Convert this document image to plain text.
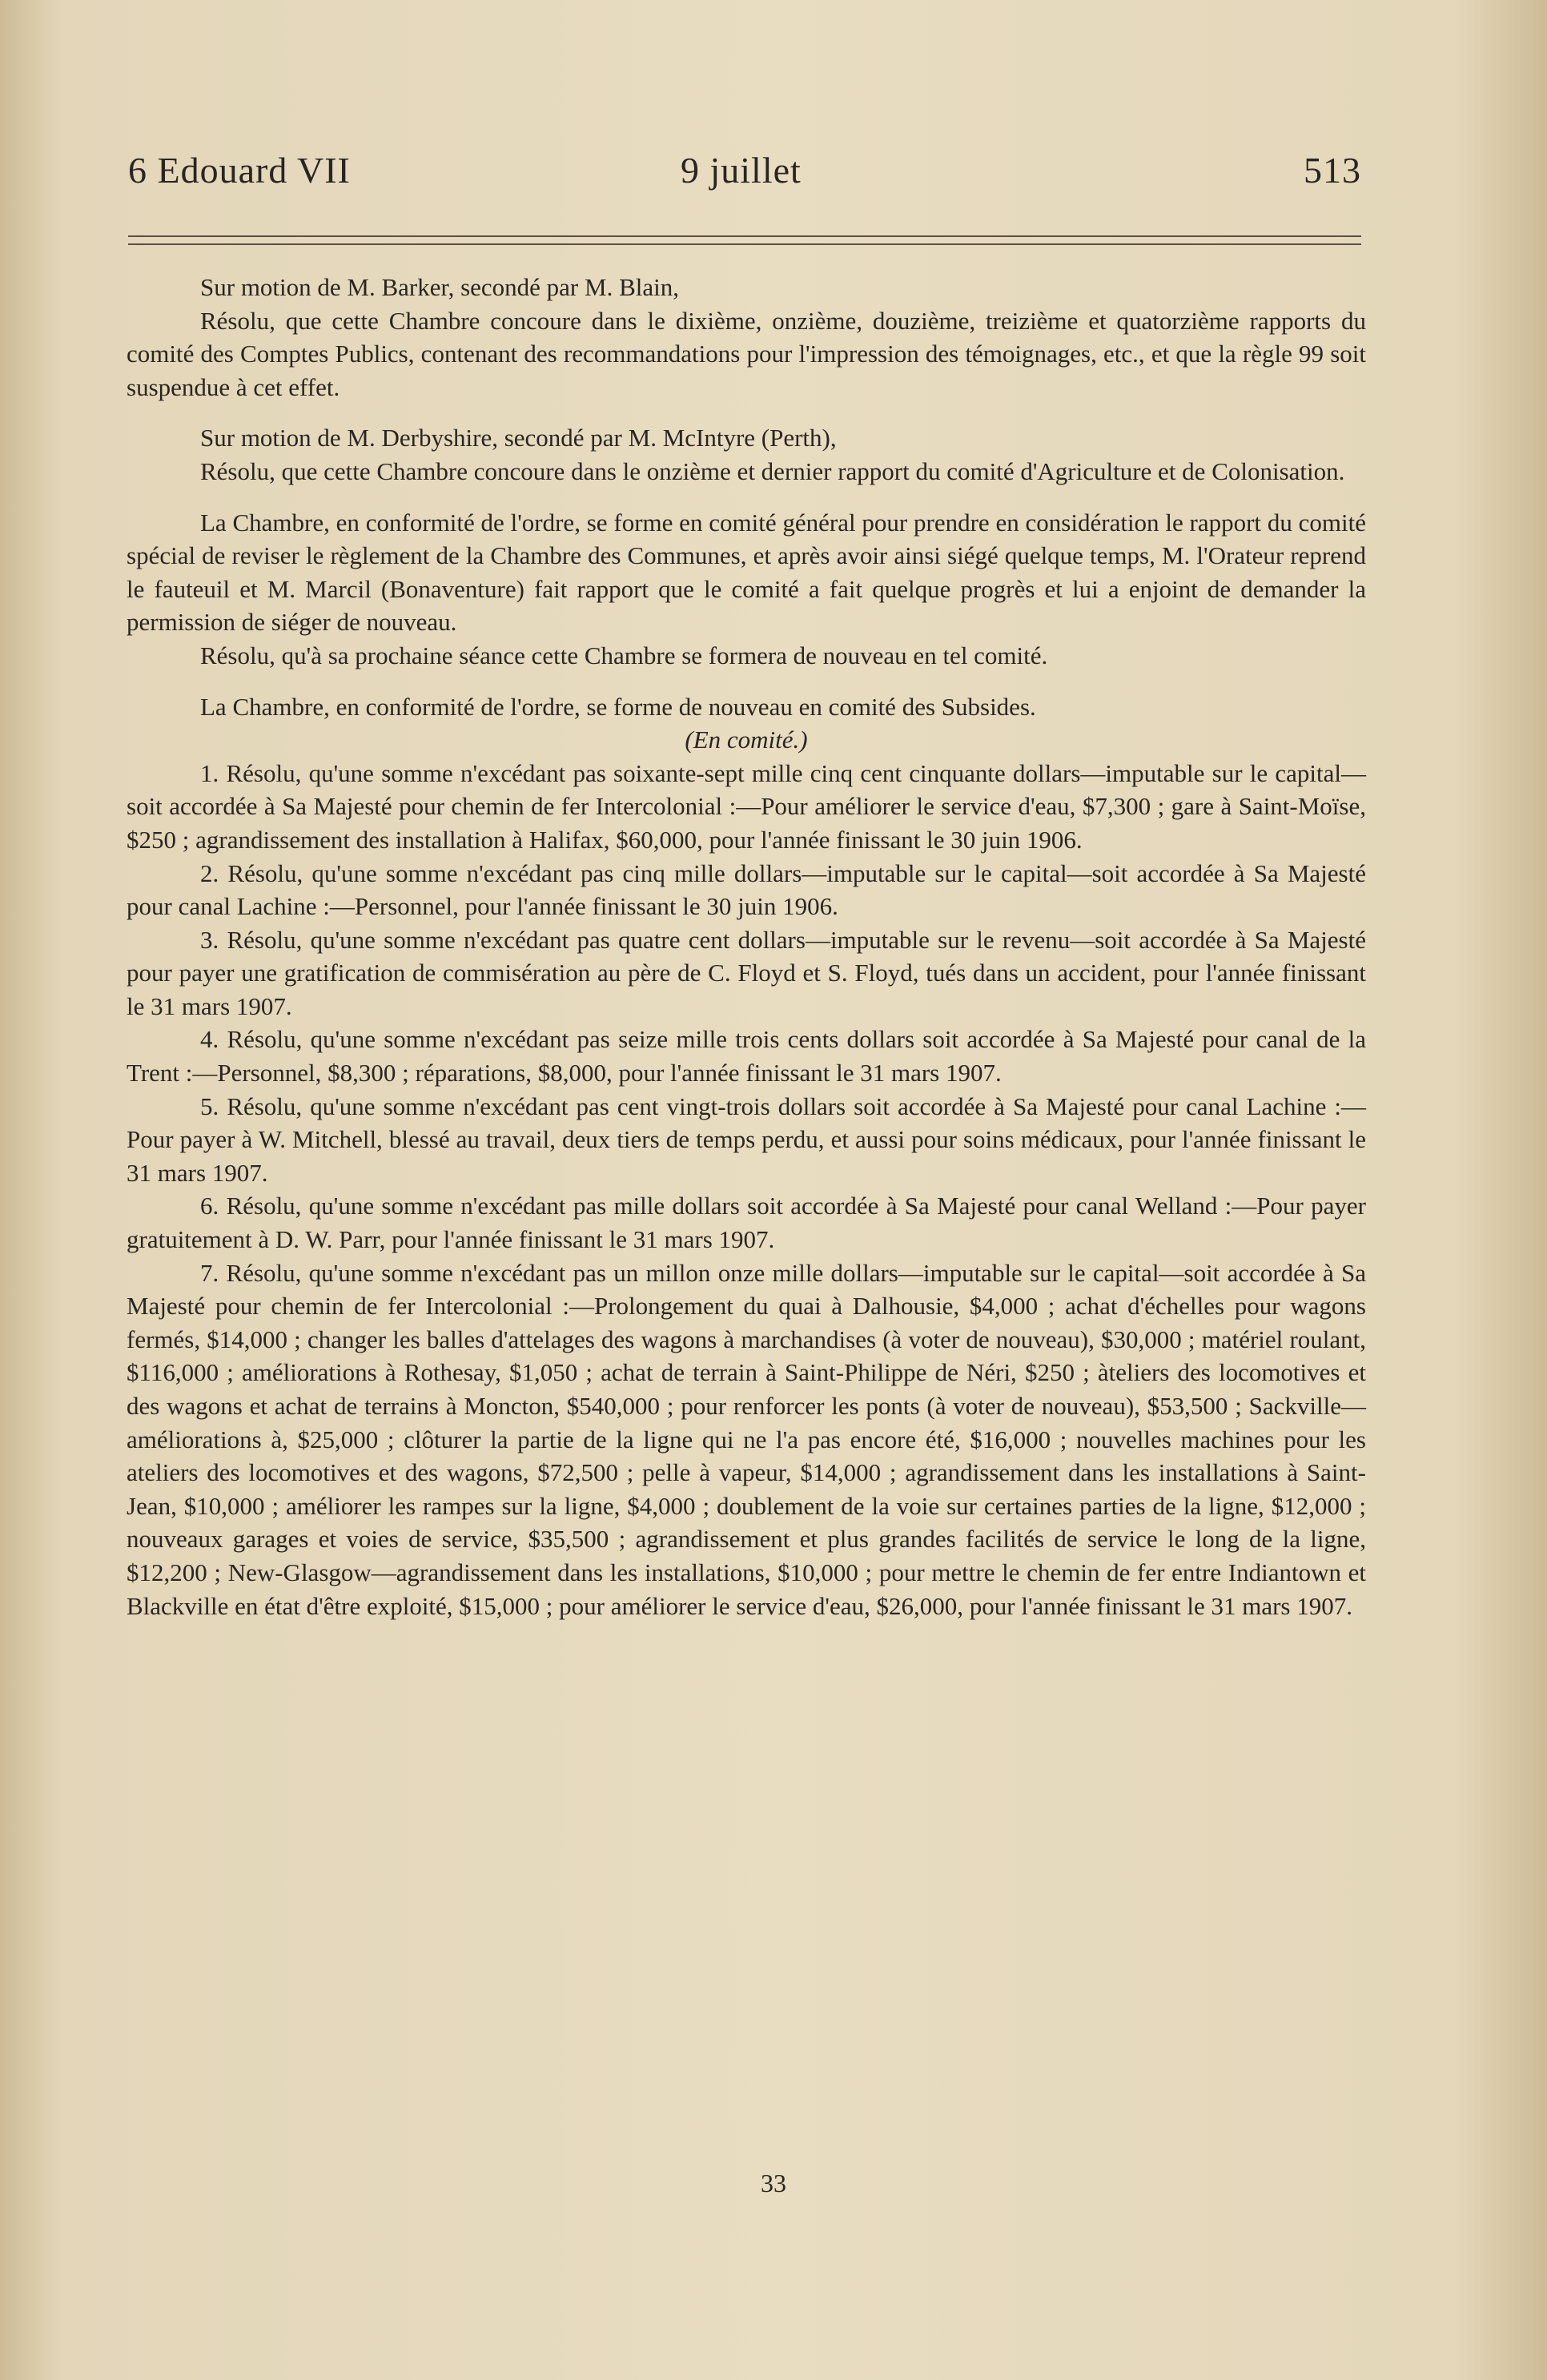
6 Edouard VII	9 juillet	513

Sur motion de M. Barker, secondé par M. Blain,

Résolu, que cette Chambre concoure dans le dixième, onzième, douzième, treizième et quatorzième rapports du comité des Comptes Publics, contenant des recommandations pour l'impression des témoignages, etc., et que la règle 99 soit suspendue à cet effet.

Sur motion de M. Derbyshire, secondé par M. McIntyre (Perth),

Résolu, que cette Chambre concoure dans le onzième et dernier rapport du comité d'Agriculture et de Colonisation.

La Chambre, en conformité de l'ordre, se forme en comité général pour prendre en considération le rapport du comité spécial de reviser le règlement de la Chambre des Communes, et après avoir ainsi siégé quelque temps, M. l'Orateur reprend le fauteuil et M. Marcil (Bonaventure) fait rapport que le comité a fait quelque progrès et lui a enjoint de demander la permission de siéger de nouveau.

Résolu, qu'à sa prochaine séance cette Chambre se formera de nouveau en tel comité.

La Chambre, en conformité de l'ordre, se forme de nouveau en comité des Subsides.

(En comité.)

1. Résolu, qu'une somme n'excédant pas soixante-sept mille cinq cent cinquante dollars—imputable sur le capital—soit accordée à Sa Majesté pour chemin de fer Intercolonial :—Pour améliorer le service d'eau, $7,300 ; gare à Saint-Moïse, $250 ; agrandissement des installation à Halifax, $60,000, pour l'année finissant le 30 juin 1906.

2. Résolu, qu'une somme n'excédant pas cinq mille dollars—imputable sur le capital—soit accordée à Sa Majesté pour canal Lachine :—Personnel, pour l'année finissant le 30 juin 1906.

3. Résolu, qu'une somme n'excédant pas quatre cent dollars—imputable sur le revenu—soit accordée à Sa Majesté pour payer une gratification de commisération au père de C. Floyd et S. Floyd, tués dans un accident, pour l'année finissant le 31 mars 1907.

4. Résolu, qu'une somme n'excédant pas seize mille trois cents dollars soit accordée à Sa Majesté pour canal de la Trent :—Personnel, $8,300 ; réparations, $8,000, pour l'année finissant le 31 mars 1907.

5. Résolu, qu'une somme n'excédant pas cent vingt-trois dollars soit accordée à Sa Majesté pour canal Lachine :—Pour payer à W. Mitchell, blessé au travail, deux tiers de temps perdu, et aussi pour soins médicaux, pour l'année finissant le 31 mars 1907.

6. Résolu, qu'une somme n'excédant pas mille dollars soit accordée à Sa Majesté pour canal Welland :—Pour payer gratuitement à D. W. Parr, pour l'année finissant le 31 mars 1907.

7. Résolu, qu'une somme n'excédant pas un millon onze mille dollars—imputable sur le capital—soit accordée à Sa Majesté pour chemin de fer Intercolonial :—Prolongement du quai à Dalhousie, $4,000 ; achat d'échelles pour wagons fermés, $14,000 ; changer les balles d'attelages des wagons à marchandises (à voter de nouveau), $30,000 ; matériel roulant, $116,000 ; améliorations à Rothesay, $1,050 ; achat de terrain à Saint-Philippe de Néri, $250 ; àteliers des locomotives et des wagons et achat de terrains à Moncton, $540,000 ; pour renforcer les ponts (à voter de nouveau), $53,500 ; Sackville—améliorations à, $25,000 ; clôturer la partie de la ligne qui ne l'a pas encore été, $16,000 ; nouvelles machines pour les ateliers des locomotives et des wagons, $72,500 ; pelle à vapeur, $14,000 ; agrandissement dans les installations à Saint-Jean, $10,000 ; améliorer les rampes sur la ligne, $4,000 ; doublement de la voie sur certaines parties de la ligne, $12,000 ; nouveaux garages et voies de service, $35,500 ; agrandissement et plus grandes facilités de service le long de la ligne, $12,200 ; New-Glasgow—agrandissement dans les installations, $10,000 ; pour mettre le chemin de fer entre Indiantown et Blackville en état d'être exploité, $15,000 ; pour améliorer le service d'eau, $26,000, pour l'année finissant le 31 mars 1907.

33
